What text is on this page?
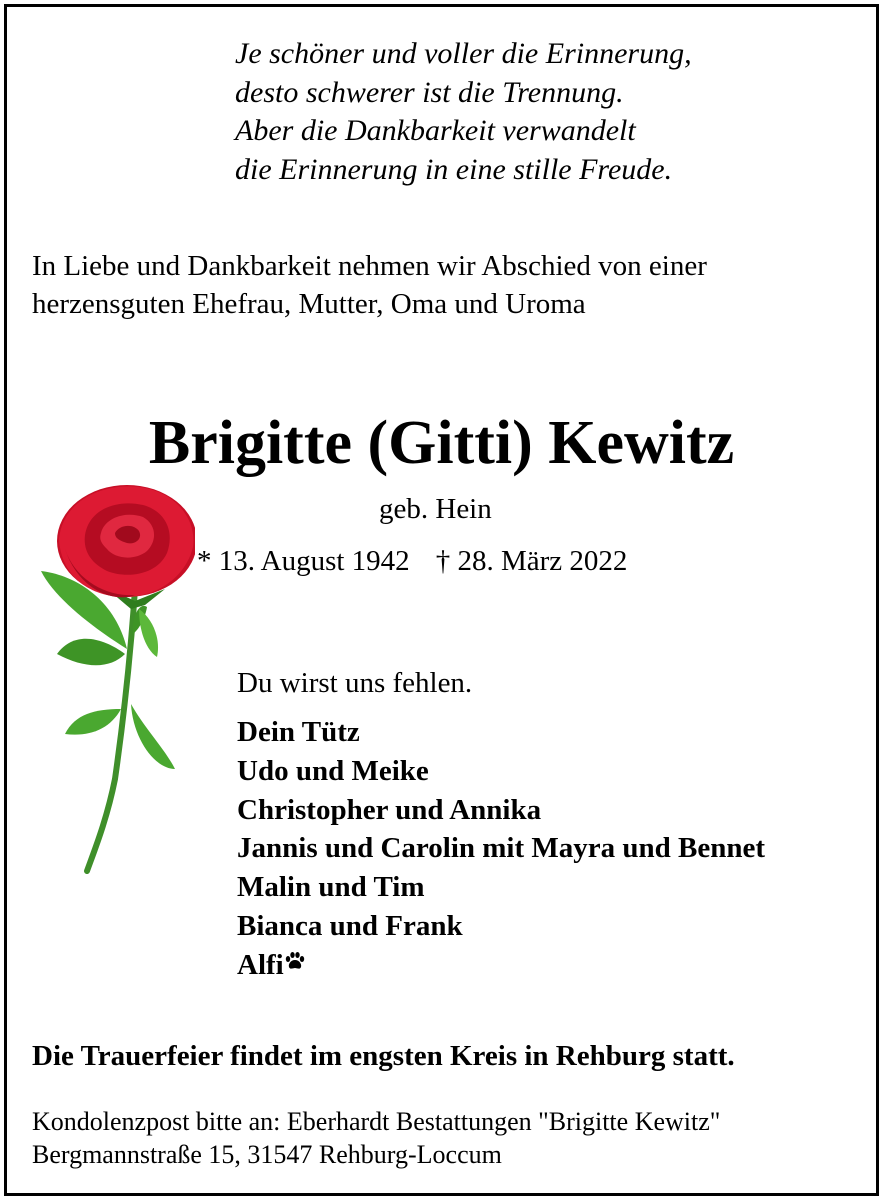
Je schöner und voller die Erinnerung,
desto schwerer ist die Trennung.
Aber die Dankbarkeit verwandelt
die Erinnerung in eine stille Freude.
In Liebe und Dankbarkeit nehmen wir Abschied von einer
herzensguten Ehefrau, Mutter, Oma und Uroma
Brigitte (Gitti) Kewitz
geb. Hein
* 13. August 1942 † 28. März 2022
Du wirst uns fehlen.
Dein Tütz
Udo und Meike
Christopher und Annika
Jannis und Carolin mit Mayra und Bennet
Malin und Tim
Bianca und Frank
Alfi
Die Trauerfeier findet im engsten Kreis in Rehburg statt.
Kondolenzpost bitte an: Eberhardt Bestattungen "Brigitte Kewitz"
Bergmannstraße 15, 31547 Rehburg-Loccum
